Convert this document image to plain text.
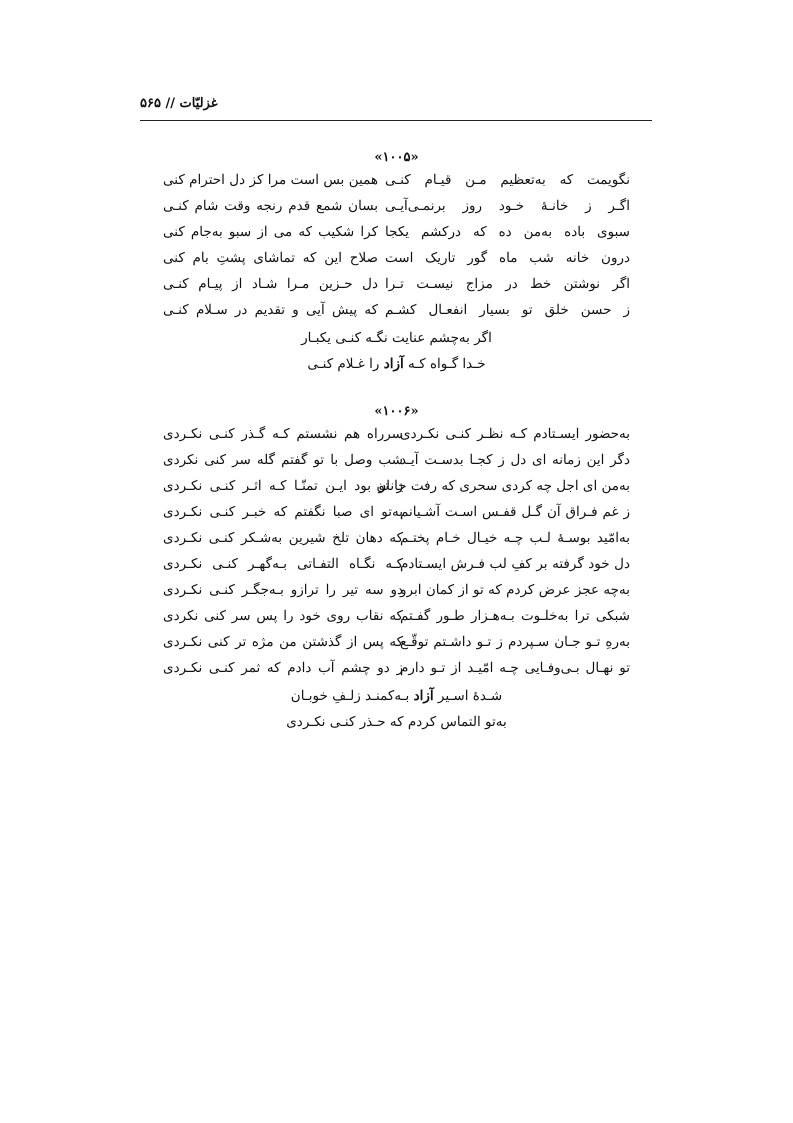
غزلیّات // ۵۶۵
«۱۰۰۵»
نگویمت که به‌تعظیم مـن قیـام کنـی
همین بس است مرا کز دل احترام کنی
اگـر ز خانـهٔ خـود روز برنمـی‌آیـی
بسان شمع قدم رنجه وقت شام کنـی
سبوی باده به‌من ده که درکشم یکجا
کرا شکیب که می از سبو به‌جام کنی
درون خانه شب ماه گور تاریک است
صلاح این که تماشای پشتِ بام کنی
اگر نوشتن خط در مزاج نیسـت تـرا
دل حـزین مـرا شـاد از پیـام کنـی
ز حسن خلق تو بسیار انفعـال کشـم
که پیش آیی و تقدیم در سـلام کنـی
اگر به‌چشم عنایت نگـه کنـی یکبـار
خـدا گـواه کـه آزاد را غـلام کنـی
«۱۰۰۶»
به‌حضور ایسـتادم کـه نظـر کنـی نکـردی
سرراه هم نشستم کـه گـذر کنـی نکـردی
دگر این زمانه ای دل ز کجـا بدسـت آیـد
شب وصل با تو گفتم گله سر کنی نکردی
به‌من ای اجل چه کردی سحری که رفت جانان
ز تو بود ایـن تمنّـا کـه اثـر کنـی نکـردی
ز غم فـراق آن گـل قفـس اسـت آشـیانم
به‌تو ای صبا نگفتم که خبـر کنـی نکـردی
به‌امّید بوسـهٔ لـب چـه خیـال خـام پختـم
که دهان تلخ شیرین به‌شـکر کنـی نکـردی
دل خود گرفته بر کفِ لب فـرش ایسـتادم
کـه نگـاه التفـاتی بـه‌گهـر کنـی نکـردی
به‌چه عجز عرض کردم که تو از کمان ابرو
دو سه تیر را ترازو بـه‌جگـر کنـی نکـردی
شبکی ترا به‌خلـوت بـه‌هـزار طـور گفـتم
که نقاب روی خود را پس سر کنی نکردی
به‌رهِ تـو جـان سـپردم ز تـو داشـتم توقّـع
که پس از گذشتن من مژه تر کنی نکـردی
تو نهـال بـی‌وفـایی چـه امّیـد از تـو دارم
ز دو چشم آب دادم که ثمر کنـی نکـردی
شـدهٔ اسـیر آزاد بـه‌کمنـد زلـفِ خوبـان
به‌تو التماس کردم که حـذر کنـی نکـردی
